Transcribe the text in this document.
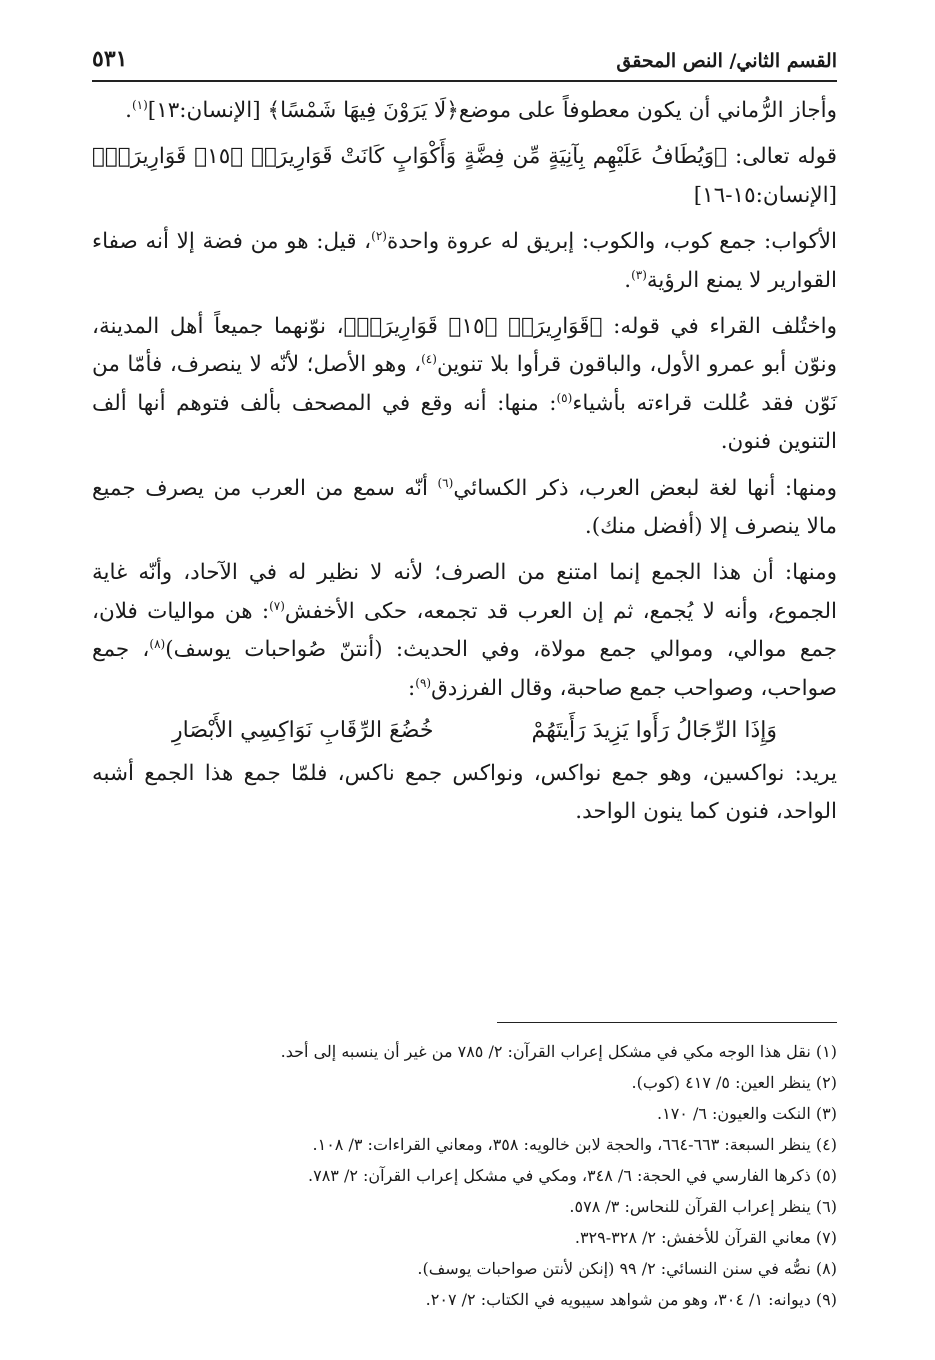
القسم الثاني/ النص المحقق
٥٣١

وأجاز الرُّماني أن يكون معطوفاً على موضع﴿لَا يَرَوْنَ فِيهَا شَمْسًا﴾ [الإنسان:١٣]$^{(١)}$.

قوله تعالى: ﴿وَيُطَافُ عَلَيْهِم بِآنِيَةٍ مِّن فِضَّةٍ وَأَكْوَابٍ كَانَتْ قَوَارِيرَا۟ ﴿١٥﴾ قَوَارِيرَا۟﴾ [الإنسان:١٥-١٦]

الأكواب: جمع كوب، والكوب: إبريق له عروة واحدة$^{(٢)}$، قيل: هو من فضة إلا أنه صفاء القوارير لا يمنع الرؤية$^{(٣)}$.

واختُلف القراء في قوله: ﴿قَوَارِيرَا۟ ﴿١٥﴾ قَوَارِيرَا۟﴾، نوّنهما جميعاً أهل المدينة، ونوّن أبو عمرو الأول، والباقون قرأوا بلا تنوين$^{(٤)}$، وهو الأصل؛ لأنّه لا ينصرف، فأمّا من نَوّن فقد عُللت قراءته بأشياء$^{(٥)}$: منها: أنه وقع في المصحف بألف فتوهم أنها ألف التنوين فنون.

ومنها: أنها لغة لبعض العرب، ذكر الكسائي$^{(٦)}$ أنّه سمع من العرب من يصرف جميع مالا ينصرف إلا (أفضل منك).

ومنها: أن هذا الجمع إنما امتنع من الصرف؛ لأنه لا نظير له في الآحاد، وأنّه غاية الجموع، وأنه لا يُجمع، ثم إن العرب قد تجمعه، حكى الأخفش$^{(٧)}$: هن مواليات فلان، جمع موالي، وموالي جمع مولاة، وفي الحديث: (أنتنّ صُواحبات يوسف)$^{(٨)}$، جمع صواحب، وصواحب جمع صاحبة، وقال الفرزدق$^{(٩)}$:

وَإِذَا الرِّجَالُ رَأَوا يَزِيدَ رَأَيتَهُمْ
خُضُعَ الرِّقَابِ نَوَاكِسِي الأَبْصَارِ

يريد: نواكسين، وهو جمع نواكس، ونواكس جمع ناكس، فلمّا جمع هذا الجمع أشبه الواحد، فنون كما ينون الواحد.

(١) نقل هذا الوجه مكي في مشكل إعراب القرآن: ٢/ ٧٨٥ من غير أن ينسبه إلى أحد.
(٢) ينظر العين: ٥/ ٤١٧ (كوب).
(٣) النكت والعيون: ٦/ ١٧٠.
(٤) ينظر السبعة: ٦٦٣-٦٦٤، والحجة لابن خالويه: ٣٥٨، ومعاني القراءات: ٣/ ١٠٨.
(٥) ذكرها الفارسي في الحجة: ٦/ ٣٤٨، ومكي في مشكل إعراب القرآن: ٢/ ٧٨٣.
(٦) ينظر إعراب القرآن للنحاس: ٣/ ٥٧٨.
(٧) معاني القرآن للأخفش: ٢/ ٣٢٨-٣٢٩.
(٨) نصُّه في سنن النسائي: ٢/ ٩٩ (إنكن لأنتن صواحبات يوسف).
(٩) ديوانه: ١/ ٣٠٤، وهو من شواهد سيبويه في الكتاب: ٢/ ٢٠٧.
